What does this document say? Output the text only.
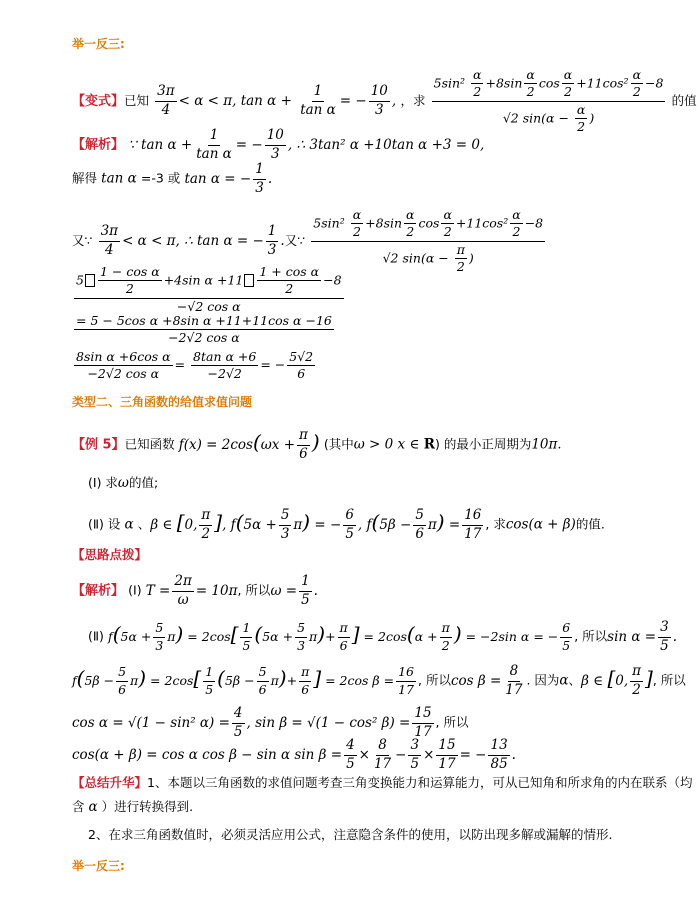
举一反三:
【变式】已知 $\frac{3\pi}{4} < \alpha < \pi$, $\tan \alpha + \frac{1}{\text{tan α}}$ = − $\frac{10}{3}$ , ，求 $\frac{5\sin^2 \frac{\alpha}{2} +8\sin \frac{\alpha}{2} \cos \frac{\alpha}{2} +11\cos^2 \frac{\alpha}{2} -8}{√2 \sin(\alpha - \frac{\alpha}{2} )}$ 的值
【解析】 ∵ $\tan \alpha + \frac{1}{\text{tan α}}$ = − $\frac{10}{3}$ , ∴ 3tan² α +10tan α +3 = 0,
解得 tan α =-3 或 tan α = − $\frac{1}{3}$ .
又∵ $\frac{3\pi}{4} < \alpha < \pi$, ∴ tan α = − $\frac{1}{3}$ .又∵ $\frac{5\sin^2 \frac{\alpha}{2} +8\sin \frac{\alpha}{2} \cos \frac{\alpha}{2} +11\cos^2 \frac{\alpha}{2} -8}{√2 \sin(\alpha - \frac{\pi}{2} )}$
$\frac{5 \frac{\text{1 − cos α}}{2} +4\sin \alpha +11 \frac{\text{1 + cos α}}{2} -8}{\text{−√2 cos α}}$
$\frac{\text{= 5 − 5cos α +8sin α +11+11cos α −16}}{\text{−2√2 cos α}}$
$\frac{\text{8sin α +6cos α}}{\text{−2√2 cos α}} = \frac{\text{8tan α +6}}{-2√2}$ = − $\frac{5√2}{6}$
类型二、三角函数的给值求值问题
【例 5】已知函数 $f(x) = 2\cos(\omega x + \frac{\pi}{6}$ ) (其中ω > 0 x ∈ R) 的最小正周期为10π.
(Ⅰ) 求ω的值;
(Ⅱ) 设 α 、β ∈ [0, $\frac{\pi}{2}$ ], $f(5\alpha + \frac{5}{3} \pi)$ = − $\frac{6}{5}$ , $f(5\beta - \frac{5}{6} \pi) = \frac{16}{17}$ , 求cos(α + β)的值.
【思路点拨】
【解析】 (Ⅰ) $T = \frac{2\pi}{\omega} = 10\pi$, 所以$\omega = \frac{1}{5}$ .
(Ⅱ) $f(5\alpha + \frac{5}{3} \pi) = 2\cos[ \frac{1}{5} (5\alpha + \frac{5}{3} \pi)+ \frac{\pi}{6}$ ] = $2\cos(\alpha + \frac{\pi}{2}$ ) = −2sin α = − $\frac{6}{5}$ , 所以$\sin \alpha = \frac{3}{5}$ .
$f(5\beta - \frac{5}{6} \pi) = 2\cos[ \frac{1}{5} (5\beta - \frac{5}{6} \pi)+ \frac{\pi}{6}$ ] = 2cos $\beta = \frac{16}{17}$ , 所以$\cos \beta = \frac{8}{17}$ . 因为α、β ∈ [0, $\frac{\pi}{2}$ ], 所以
cos α = √(1 − sin² $\alpha) = \frac{4}{5}$ , sin β = √(1 − cos² $\beta) = \frac{15}{17}$ , 所以
cos(α + β) = cos α cos β − sin α $\sin \beta = \frac{4}{5} \times \frac{8}{17} - \frac{3}{5} \times \frac{15}{17}$ = − $\frac{13}{85}$ .
【总结升华】1、本题以三角函数的求值问题考查三角变换能力和运算能力，可从已知角和所求角的内在联系（均
含 α ）进行转换得到.
2、在求三角函数值时，必须灵活应用公式，注意隐含条件的使用，以防出现多解或漏解的情形.
举一反三:
